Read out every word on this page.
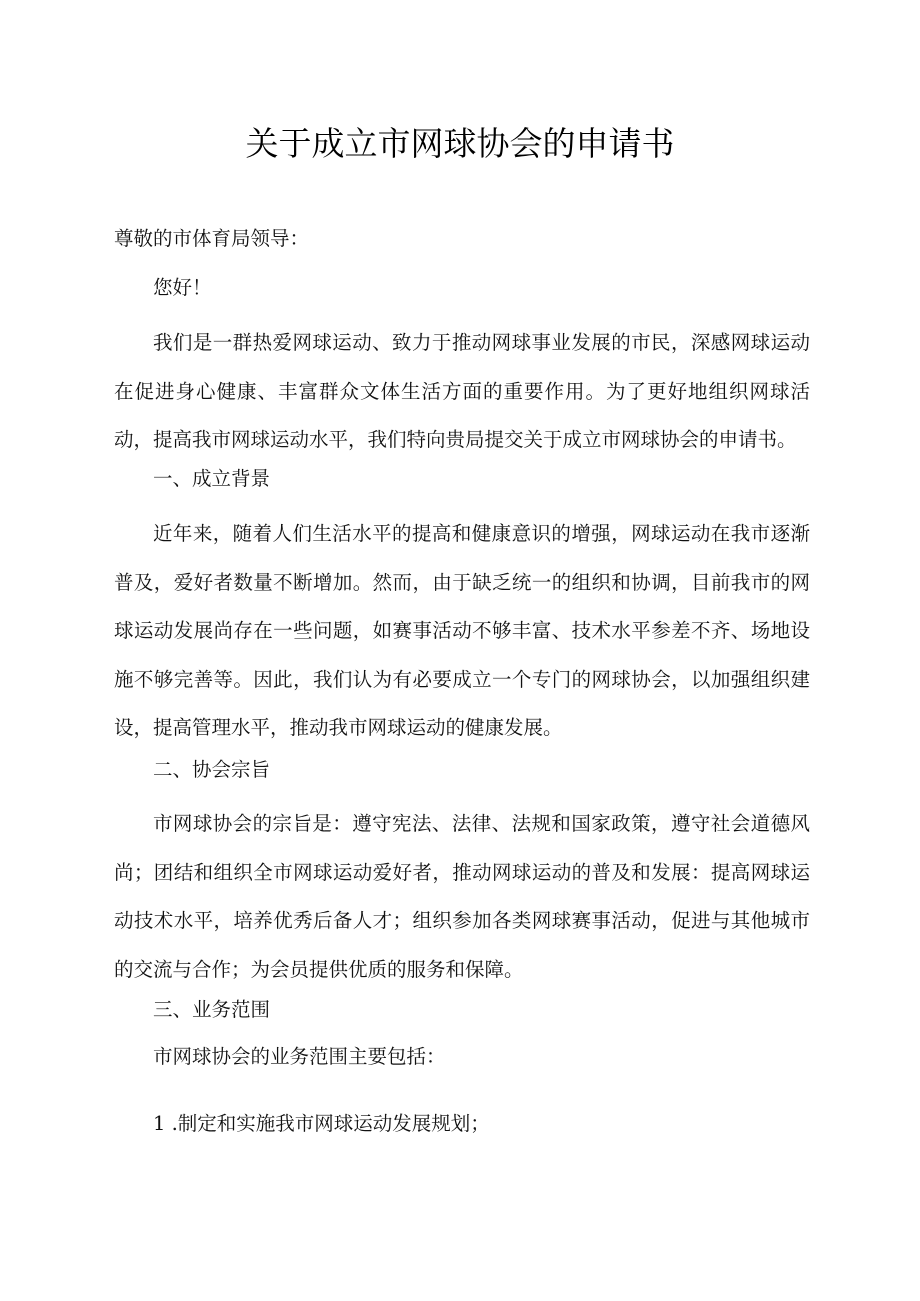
关于成立市网球协会的申请书
尊敬的市体育局领导：

您好！

我们是一群热爱网球运动、致力于推动网球事业发展的市民，深感网球运动在促进身心健康、丰富群众文体生活方面的重要作用。为了更好地组织网球活动，提高我市网球运动水平，我们特向贵局提交关于成立市网球协会的申请书。

一、成立背景

近年来，随着人们生活水平的提高和健康意识的增强，网球运动在我市逐渐普及，爱好者数量不断增加。然而，由于缺乏统一的组织和协调，目前我市的网球运动发展尚存在一些问题，如赛事活动不够丰富、技术水平参差不齐、场地设施不够完善等。因此，我们认为有必要成立一个专门的网球协会，以加强组织建设，提高管理水平，推动我市网球运动的健康发展。

二、协会宗旨

市网球协会的宗旨是：遵守宪法、法律、法规和国家政策，遵守社会道德风尚；团结和组织全市网球运动爱好者，推动网球运动的普及和发展：提高网球运动技术水平，培养优秀后备人才；组织参加各类网球赛事活动，促进与其他城市的交流与合作；为会员提供优质的服务和保障。

三、业务范围

市网球协会的业务范围主要包括：

1 .制定和实施我市网球运动发展规划；
